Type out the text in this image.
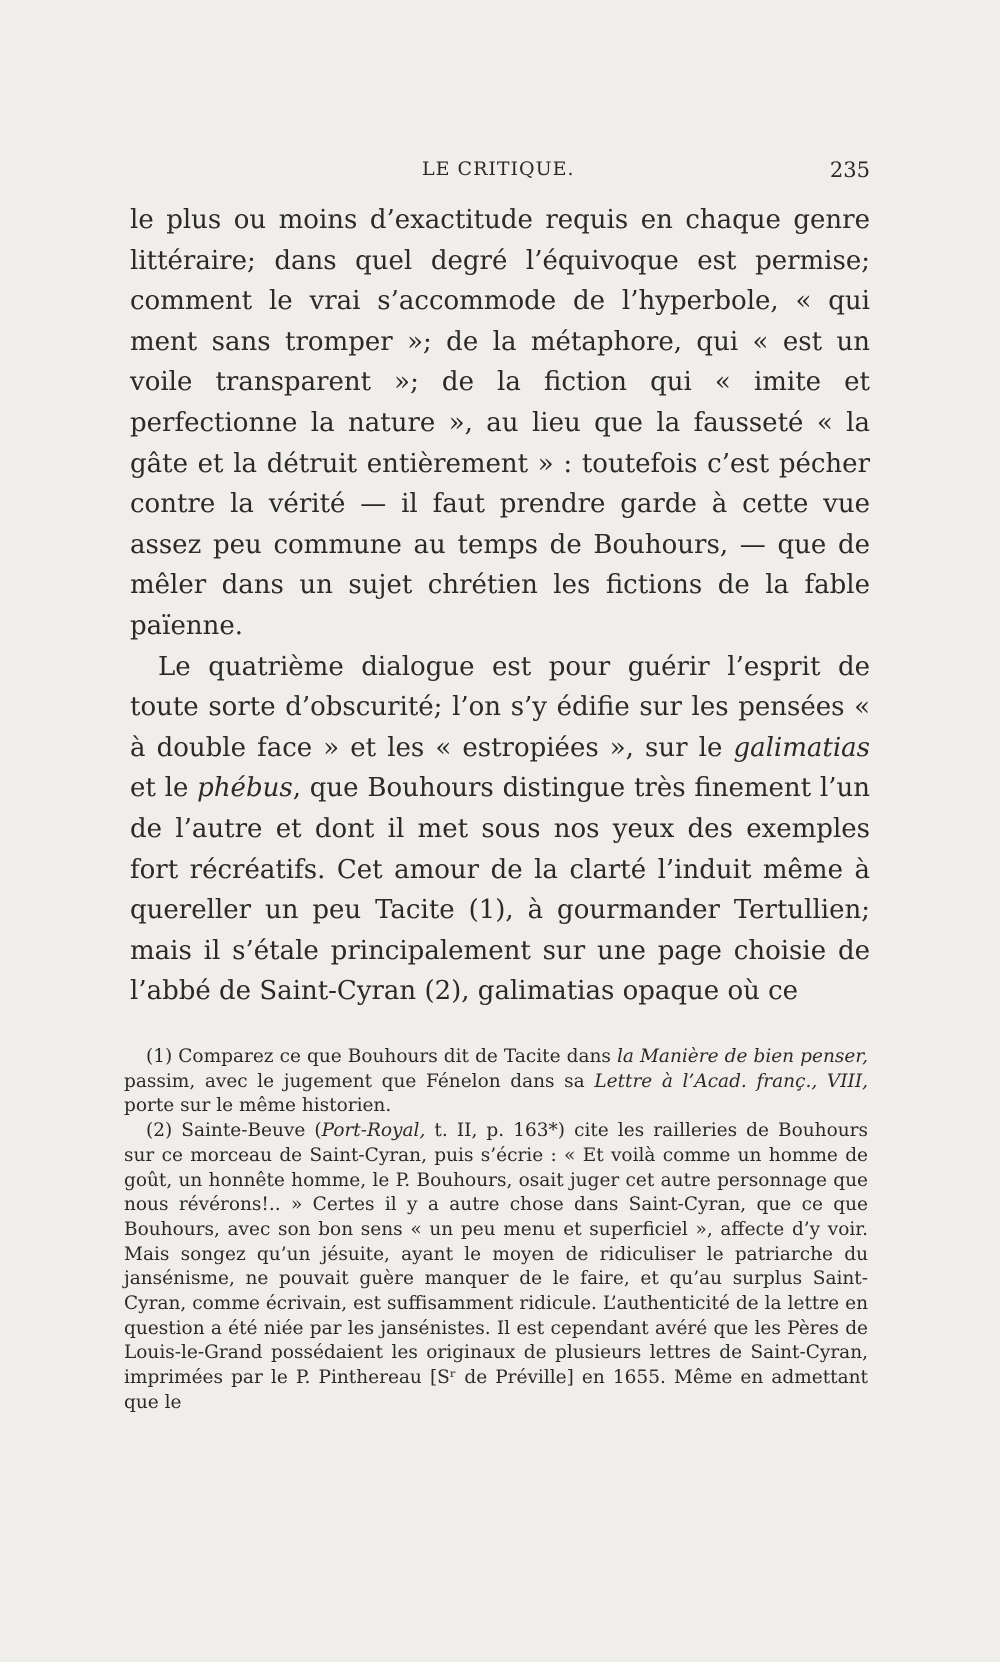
LE CRITIQUE.	235

le plus ou moins d’exactitude requis en chaque genre littéraire; dans quel degré l’équivoque est permise; comment le vrai s’accommode de l’hyperbole, « qui ment sans tromper »; de la métaphore, qui « est un voile transparent »; de la fiction qui « imite et perfectionne la nature », au lieu que la fausseté « la gâte et la détruit entièrement » : toutefois c’est pécher contre la vérité — il faut prendre garde à cette vue assez peu commune au temps de Bouhours, — que de mêler dans un sujet chrétien les fictions de la fable païenne.

Le quatrième dialogue est pour guérir l’esprit de toute sorte d’obscurité; l’on s’y édifie sur les pensées « à double face » et les « estropiées », sur le galimatias et le phébus, que Bouhours distingue très finement l’un de l’autre et dont il met sous nos yeux des exemples fort récréatifs. Cet amour de la clarté l’induit même à quereller un peu Tacite (1), à gourmander Tertullien; mais il s’étale principalement sur une page choisie de l’abbé de Saint-Cyran (2), galimatias opaque où ce

(1) Comparez ce que Bouhours dit de Tacite dans la Manière de bien penser, passim, avec le jugement que Fénelon dans sa Lettre à l’Acad. franç., VIII, porte sur le même historien.

(2) Sainte-Beuve (Port-Royal, t. II, p. 163*) cite les railleries de Bouhours sur ce morceau de Saint-Cyran, puis s’écrie : « Et voilà comme un homme de goût, un honnête homme, le P. Bouhours, osait juger cet autre personnage que nous révérons!.. » Certes il y a autre chose dans Saint-Cyran, que ce que Bouhours, avec son bon sens « un peu menu et superficiel », affecte d’y voir. Mais songez qu’un jésuite, ayant le moyen de ridiculiser le patriarche du jansénisme, ne pouvait guère manquer de le faire, et qu’au surplus Saint-Cyran, comme écrivain, est suffisamment ridicule. L’authenticité de la lettre en question a été niée par les jansénistes. Il est cependant avéré que les Pères de Louis-le-Grand possédaient les originaux de plusieurs lettres de Saint-Cyran, imprimées par le P. Pinthereau [Sʳ de Préville] en 1655. Même en admettant que le
